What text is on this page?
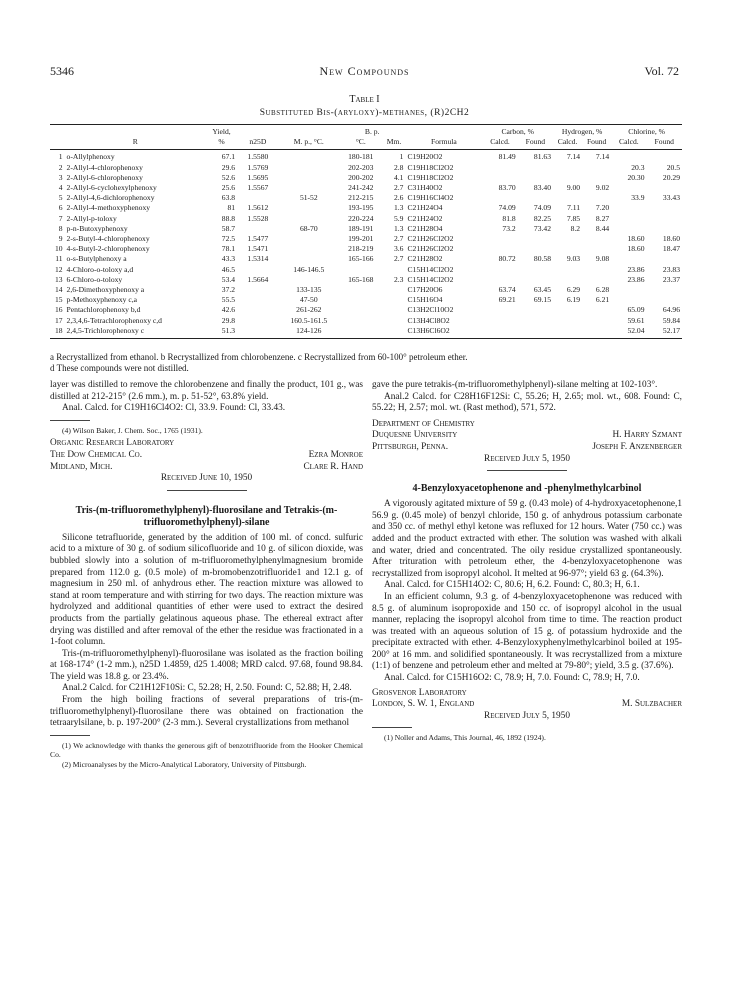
5346	New Compounds	Vol. 72
Table I
Substituted Bis-(aryloxy)-methanes, (R)2CH2
		Yield,			B. p.			Carbon, %		Hydrogen, %		Chlorine, %	
	R	%	n25D	M. p., °C.	°C.	Mm.	Formula	Calcd.	Found	Calcd.	Found	Calcd.	Found
1	o-Allylphenoxy	67.1	1.5580		180-181	1	C19H20O2	81.49	81.63	7.14	7.14		
2	2-Allyl-4-chlorophenoxy	29.6	1.5769		202-203	2.8	C19H18Cl2O2					20.3	20.5
3	2-Allyl-6-chlorophenoxy	52.6	1.5695		200-202	4.1	C19H18Cl2O2					20.30	20.29
4	2-Allyl-6-cyclohexylphenoxy	25.6	1.5567		241-242	2.7	C31H40O2	83.70	83.40	9.00	9.02		
5	2-Allyl-4,6-dichlorophenoxy	63.8		51-52	212-215	2.6	C19H16Cl4O2					33.9	33.43
6	2-Allyl-4-methoxyphenoxy	81	1.5612		193-195	1.3	C21H24O4	74.09	74.09	7.11	7.20		
7	2-Allyl-p-toloxy	88.8	1.5528		220-224	5.9	C21H24O2	81.8	82.25	7.85	8.27		
8	p-n-Butoxyphenoxy	58.7		68-70	189-191	1.3	C21H28O4	73.2	73.42	8.2	8.44		
9	2-s-Butyl-4-chlorophenoxy	72.5	1.5477		199-201	2.7	C21H26Cl2O2					18.60	18.60
10	4-s-Butyl-2-chlorophenoxy	78.1	1.5471		218-219	3.6	C21H26Cl2O2					18.60	18.47
11	o-s-Butylphenoxy a	43.3	1.5314		165-166	2.7	C21H28O2	80.72	80.58	9.03	9.08		
12	4-Chloro-o-toloxy a,d	46.5		146-146.5			C15H14Cl2O2					23.86	23.83
13	6-Chloro-o-toloxy	53.4	1.5664		165-168	2.3	C15H14Cl2O2					23.86	23.37
14	2,6-Dimethoxyphenoxy a	37.2		133-135			C17H20O6	63.74	63.45	6.29	6.28		
15	p-Methoxyphenoxy c,a	55.5		47-50			C15H16O4	69.21	69.15	6.19	6.21		
16	Pentachlorophenoxy b,d	42.6		261-262			C13H2Cl10O2					65.09	64.96
17	2,3,4,6-Tetrachlorophenoxy c,d	29.8		160.5-161.5			C13H4Cl8O2					59.61	59.84
18	2,4,5-Trichlorophenoxy c	51.3		124-126			C13H6Cl6O2					52.04	52.17
a Recrystallized from ethanol. b Recrystallized from chlorobenzene. c Recrystallized from 60-100° petroleum ether.
d These compounds were not distilled.

layer was distilled to remove the chlorobenzene and finally the product, 101 g., was distilled at 212-215° (2.6 mm.), m. p. 51-52°, 63.8% yield.

Anal. Calcd. for C19H16Cl4O2: Cl, 33.9. Found: Cl, 33.43.

(4) Wilson Baker, J. Chem. Soc., 1765 (1931).

Organic Research Laboratory
The Dow Chemical Co.	Ezra Monroe
Midland, Mich.	Clare R. Hand
Received June 10, 1950
Tris-(m-trifluoromethylphenyl)-fluorosilane and Tetrakis-(m-trifluoromethylphenyl)-silane

Silicone tetrafluoride, generated by the addition of 100 ml. of concd. sulfuric acid to a mixture of 30 g. of sodium silicofluoride and 10 g. of silicon dioxide, was bubbled slowly into a solution of m-trifluoromethylphenylmagnesium bromide prepared from 112.0 g. (0.5 mole) of m-bromobenzotrifluoride1 and 12.1 g. of magnesium in 250 ml. of anhydrous ether. The reaction mixture was allowed to stand at room temperature and with stirring for two days. The reaction mixture was hydrolyzed and additional quantities of ether were used to extract the desired products from the partially gelatinous aqueous phase. The ethereal extract after drying was distilled and after removal of the ether the residue was fractionated in a 1-foot column.

Tris-(m-trifluoromethylphenyl)-fluorosilane was isolated as the fraction boiling at 168-174° (1-2 mm.), n25D 1.4859, d25 1.4008; MRD calcd. 97.68, found 98.84. The yield was 18.8 g. or 23.4%.

Anal.2 Calcd. for C21H12F10Si: C, 52.28; H, 2.50. Found: C, 52.88; H, 2.48.

From the high boiling fractions of several preparations of tris-(m-trifluoromethylphenyl)-fluorosilane there was obtained on fractionation the tetraarylsilane, b. p. 197-200° (2-3 mm.). Several crystallizations from methanol

(1) We acknowledge with thanks the generous gift of benzotrifluoride from the Hooker Chemical Co.

(2) Microanalyses by the Micro-Analytical Laboratory, University of Pittsburgh.

gave the pure tetrakis-(m-trifluoromethylphenyl)-silane melting at 102-103°.

Anal.2 Calcd. for C28H16F12Si: C, 55.26; H, 2.65; mol. wt., 608. Found: C, 55.22; H, 2.57; mol. wt. (Rast method), 571, 572.

Department of Chemistry
Duquesne University	H. Harry Szmant
Pittsburgh, Penna.	Joseph F. Anzenberger
Received July 5, 1950
4-Benzyloxyacetophenone and -phenylmethylcarbinol

A vigorously agitated mixture of 59 g. (0.43 mole) of 4-hydroxyacetophenone,1 56.9 g. (0.45 mole) of benzyl chloride, 150 g. of anhydrous potassium carbonate and 350 cc. of methyl ethyl ketone was refluxed for 12 hours. Water (750 cc.) was added and the product extracted with ether. The solution was washed with alkali and water, dried and concentrated. The oily residue crystallized spontaneously. After trituration with petroleum ether, the 4-benzyloxyacetophenone was recrystallized from isopropyl alcohol. It melted at 96-97°; yield 63 g. (64.3%).

Anal. Calcd. for C15H14O2: C, 80.6; H, 6.2. Found: C, 80.3; H, 6.1.

In an efficient column, 9.3 g. of 4-benzyloxyacetophenone was reduced with 8.5 g. of aluminum isopropoxide and 150 cc. of isopropyl alcohol in the usual manner, replacing the isopropyl alcohol from time to time. The reaction product was treated with an aqueous solution of 15 g. of potassium hydroxide and the precipitate extracted with ether. 4-Benzyloxyphenylmethylcarbinol boiled at 195-200° at 16 mm. and solidified spontaneously. It was recrystallized from a mixture (1:1) of benzene and petroleum ether and melted at 79-80°; yield, 3.5 g. (37.6%).

Anal. Calcd. for C15H16O2: C, 78.9; H, 7.0. Found: C, 78.9; H, 7.0.

Grosvenor Laboratory
London, S. W. 1, England	M. Sulzbacher
Received July 5, 1950

(1) Noller and Adams, This Journal, 46, 1892 (1924).
